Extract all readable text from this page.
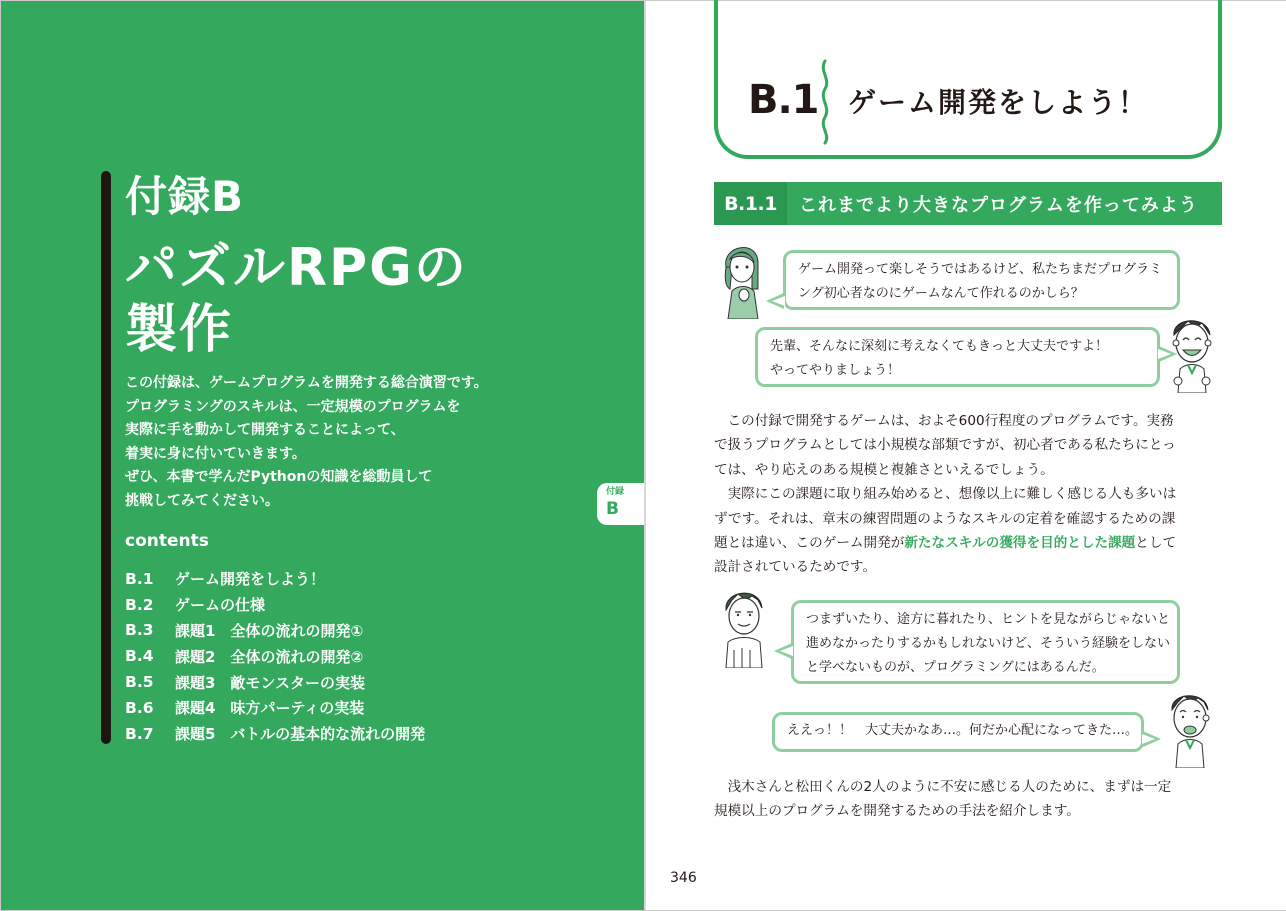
付録B
パズルRPGの
製作
この付録は、ゲームプログラムを開発する総合演習です。
プログラミングのスキルは、一定規模のプログラムを
実際に手を動かして開発することによって、
着実に身に付いていきます。
ぜひ、本書で学んだPythonの知識を総動員して
挑戦してみてください。
contents
B.1	ゲーム開発をしよう！
B.2	ゲームの仕様
B.3	課題1　全体の流れの開発①
B.4	課題2　全体の流れの開発②
B.5	課題3　敵モンスターの実装
B.6	課題4　味方パーティの実装
B.7	課題5　バトルの基本的な流れの開発
付録
B
B.1 ゲーム開発をしよう！
B.1.1	これまでより大きなプログラムを作ってみよう
ゲーム開発って楽しそうではあるけど、私たちまだプログラミ
ング初心者なのにゲームなんて作れるのかしら？
先輩、そんなに深刻に考えなくてもきっと大丈夫ですよ！
やってやりましょう！
　この付録で開発するゲームは、およそ600行程度のプログラムです。実務
で扱うプログラムとしては小規模な部類ですが、初心者である私たちにとっ
ては、やり応えのある規模と複雑さといえるでしょう。
　実際にこの課題に取り組み始めると、想像以上に難しく感じる人も多いは
ずです。それは、章末の練習問題のようなスキルの定着を確認するための課
題とは違い、このゲーム開発が新たなスキルの獲得を目的とした課題として
設計されているためです。
つまずいたり、途方に暮れたり、ヒントを見ながらじゃないと
進めなかったりするかもしれないけど、そういう経験をしない
と学べないものが、プログラミングにはあるんだ。
ええっ！！　大丈夫かなあ…。何だか心配になってきた…。
　浅木さんと松田くんの2人のように不安に感じる人のために、まずは一定
規模以上のプログラムを開発するための手法を紹介します。
346
